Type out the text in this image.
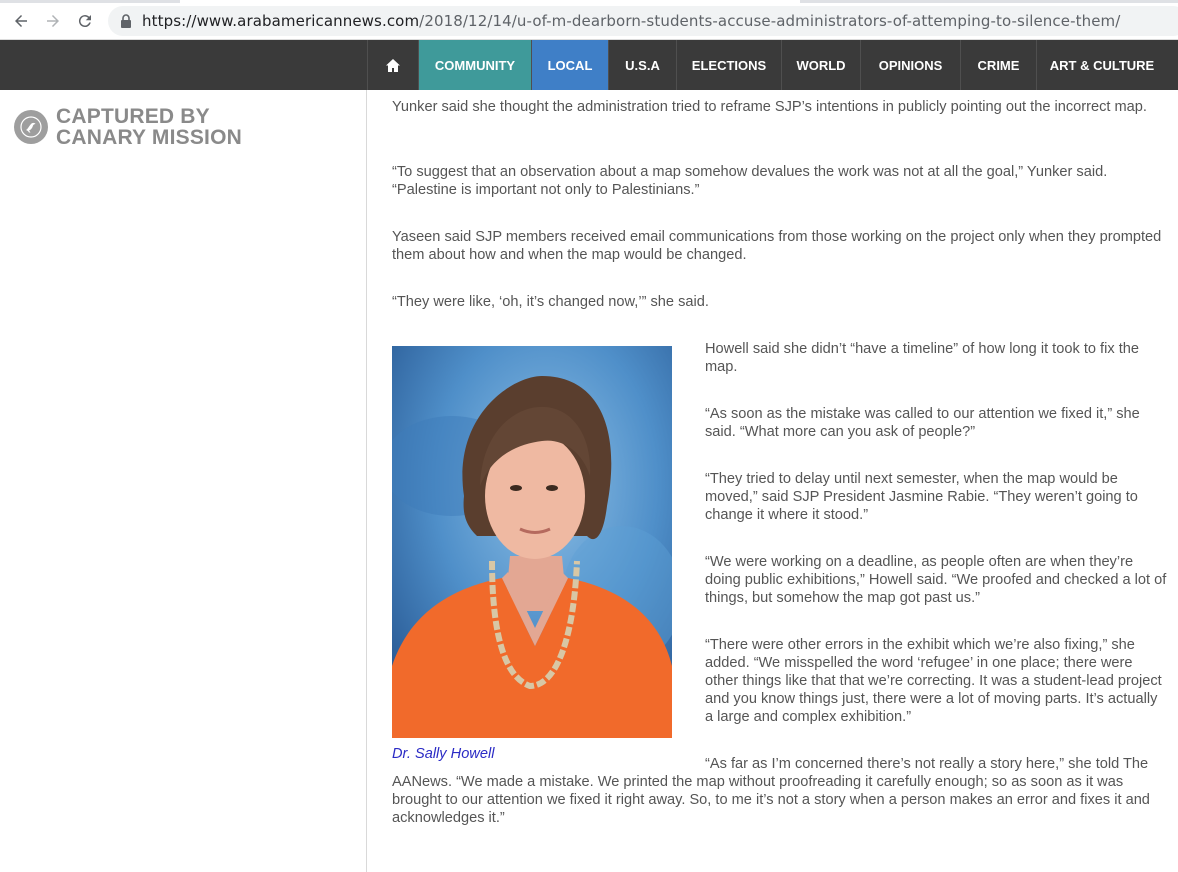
https://www.arabamericannews.com/2018/12/14/u-of-m-dearborn-students-accuse-administrators-of-attemping-to-silence-them/
COMMUNITY	LOCAL	U.S.A	ELECTIONS	WORLD	OPINIONS	CRIME	ART & CULTURE
CAPTURED BY
CANARY MISSION

Yunker said she thought the administration tried to reframe SJP’s intentions in publicly pointing out the incorrect map.

“To suggest that an observation about a map somehow devalues the work was not at all the goal,” Yunker said. “Palestine is important not only to Palestinians.”

Yaseen said SJP members received email communications from those working on the project only when they prompted them about how and when the map would be changed.

“They were like, ‘oh, it’s changed now,’” she said.

Dr. Sally Howell

Howell said she didn’t “have a timeline” of how long it took to fix the map.

“As soon as the mistake was called to our attention we fixed it,” she said. “What more can you ask of people?”

“They tried to delay until next semester, when the map would be moved,” said SJP President Jasmine Rabie. “They weren’t going to change it where it stood.”

“We were working on a deadline, as people often are when they’re doing public exhibitions,” Howell said. “We proofed and checked a lot of things, but somehow the map got past us.”

“There were other errors in the exhibit which we’re also fixing,” she added. “We misspelled the word ‘refugee’ in one place; there were other things like that that we’re correcting. It was a student-lead project and you know things just, there were a lot of moving parts. It’s actually a large and complex exhibition.”

“As far as I’m concerned there’s not really a story here,” she told The AANews. “We made a mistake. We printed the map without proofreading it carefully enough; so as soon as it was brought to our attention we fixed it right away. So, to me it’s not a story when a person makes an error and fixes it and acknowledges it.”
